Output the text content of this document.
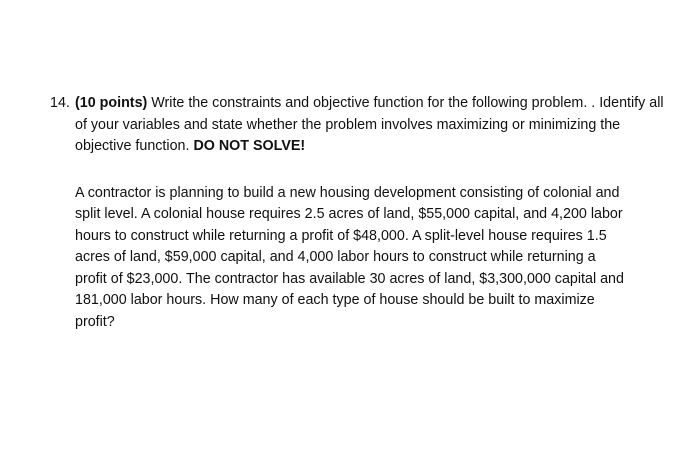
14. (10 points) Write the constraints and objective function for the following problem. . Identify all
of your variables and state whether the problem involves maximizing or minimizing the
objective function. DO NOT SOLVE!
A contractor is planning to build a new housing development consisting of colonial and
split level. A colonial house requires 2.5 acres of land, $55,000 capital, and 4,200 labor
hours to construct while returning a profit of $48,000. A split-level house requires 1.5
acres of land, $59,000 capital, and 4,000 labor hours to construct while returning a
profit of $23,000. The contractor has available 30 acres of land, $3,300,000 capital and
181,000 labor hours. How many of each type of house should be built to maximize
profit?
